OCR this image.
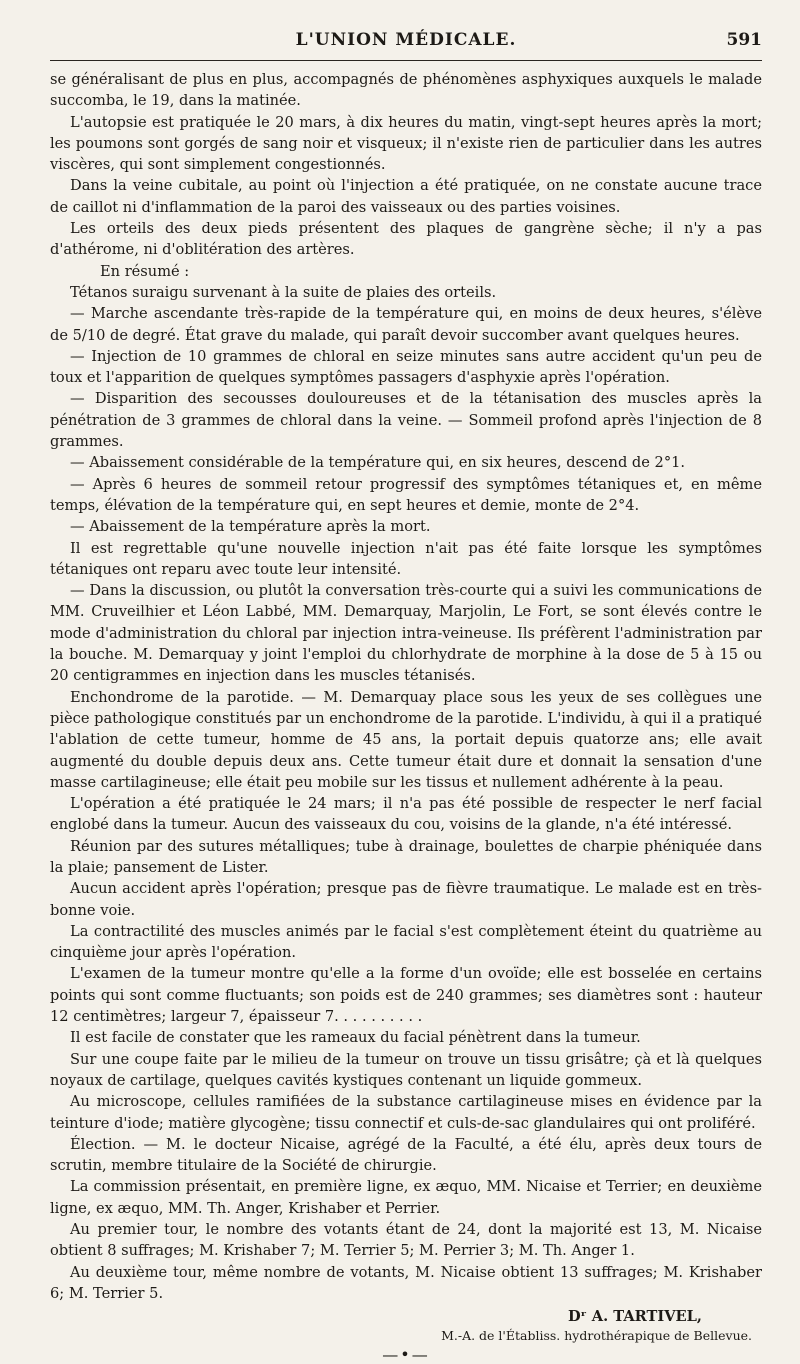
L'UNION MÉDICALE.	591

se généralisant de plus en plus, accompagnés de phénomènes asphyxiques auxquels le malade succomba, le 19, dans la matinée.

L'autopsie est pratiquée le 20 mars, à dix heures du matin, vingt-sept heures après la mort; les poumons sont gorgés de sang noir et visqueux; il n'existe rien de particulier dans les autres viscères, qui sont simplement congestionnés.

Dans la veine cubitale, au point où l'injection a été pratiquée, on ne constate aucune trace de caillot ni d'inflammation de la paroi des vaisseaux ou des parties voisines.

Les orteils des deux pieds présentent des plaques de gangrène sèche; il n'y a pas d'athérome, ni d'oblitération des artères.

En résumé :

Tétanos suraigu survenant à la suite de plaies des orteils.

— Marche ascendante très-rapide de la température qui, en moins de deux heures, s'élève de 5/10 de degré. État grave du malade, qui paraît devoir succomber avant quelques heures.

— Injection de 10 grammes de chloral en seize minutes sans autre accident qu'un peu de toux et l'apparition de quelques symptômes passagers d'asphyxie après l'opération.

— Disparition des secousses douloureuses et de la tétanisation des muscles après la pénétration de 3 grammes de chloral dans la veine. — Sommeil profond après l'injection de 8 grammes.

— Abaissement considérable de la température qui, en six heures, descend de 2°1.

— Après 6 heures de sommeil retour progressif des symptômes tétaniques et, en même temps, élévation de la température qui, en sept heures et demie, monte de 2°4.

— Abaissement de la température après la mort.

Il est regrettable qu'une nouvelle injection n'ait pas été faite lorsque les symptômes tétaniques ont reparu avec toute leur intensité.

— Dans la discussion, ou plutôt la conversation très-courte qui a suivi les communications de MM. Cruveilhier et Léon Labbé, MM. Demarquay, Marjolin, Le Fort, se sont élevés contre le mode d'administration du chloral par injection intra-veineuse. Ils préfèrent l'administration par la bouche. M. Demarquay y joint l'emploi du chlorhydrate de morphine à la dose de 5 à 15 ou 20 centigrammes en injection dans les muscles tétanisés.

Enchondrome de la parotide. — M. Demarquay place sous les yeux de ses collègues une pièce pathologique constitués par un enchondrome de la parotide. L'individu, à qui il a pratiqué l'ablation de cette tumeur, homme de 45 ans, la portait depuis quatorze ans; elle avait augmenté du double depuis deux ans. Cette tumeur était dure et donnait la sensation d'une masse cartilagineuse; elle était peu mobile sur les tissus et nullement adhérente à la peau.

L'opération a été pratiquée le 24 mars; il n'a pas été possible de respecter le nerf facial englobé dans la tumeur. Aucun des vaisseaux du cou, voisins de la glande, n'a été intéressé.

Réunion par des sutures métalliques; tube à drainage, boulettes de charpie phéniquée dans la plaie; pansement de Lister.

Aucun accident après l'opération; presque pas de fièvre traumatique. Le malade est en très-bonne voie.

La contractilité des muscles animés par le facial s'est complètement éteint du quatrième au cinquième jour après l'opération.

L'examen de la tumeur montre qu'elle a la forme d'un ovoïde; elle est bosselée en certains points qui sont comme fluctuants; son poids est de 240 grammes; ses diamètres sont : hauteur 12 centimètres; largeur 7, épaisseur 7. . . . . . . . . .

Il est facile de constater que les rameaux du facial pénètrent dans la tumeur.

Sur une coupe faite par le milieu de la tumeur on trouve un tissu grisâtre; çà et là quelques noyaux de cartilage, quelques cavités kystiques contenant un liquide gommeux.

Au microscope, cellules ramifiées de la substance cartilagineuse mises en évidence par la teinture d'iode; matière glycogène; tissu connectif et culs-de-sac glandulaires qui ont proliféré.

Élection. — M. le docteur Nicaise, agrégé de la Faculté, a été élu, après deux tours de scrutin, membre titulaire de la Société de chirurgie.

La commission présentait, en première ligne, ex æquo, MM. Nicaise et Terrier; en deuxième ligne, ex æquo, MM. Th. Anger, Krishaber et Perrier.

Au premier tour, le nombre des votants étant de 24, dont la majorité est 13, M. Nicaise obtient 8 suffrages; M. Krishaber 7; M. Terrier 5; M. Perrier 3; M. Th. Anger 1.

Au deuxième tour, même nombre de votants, M. Nicaise obtient 13 suffrages; M. Krishaber 6; M. Terrier 5.

Dʳ A. TARTIVEL,
M.-A. de l'Établiss. hydrothérapique de Bellevue.
—•—
